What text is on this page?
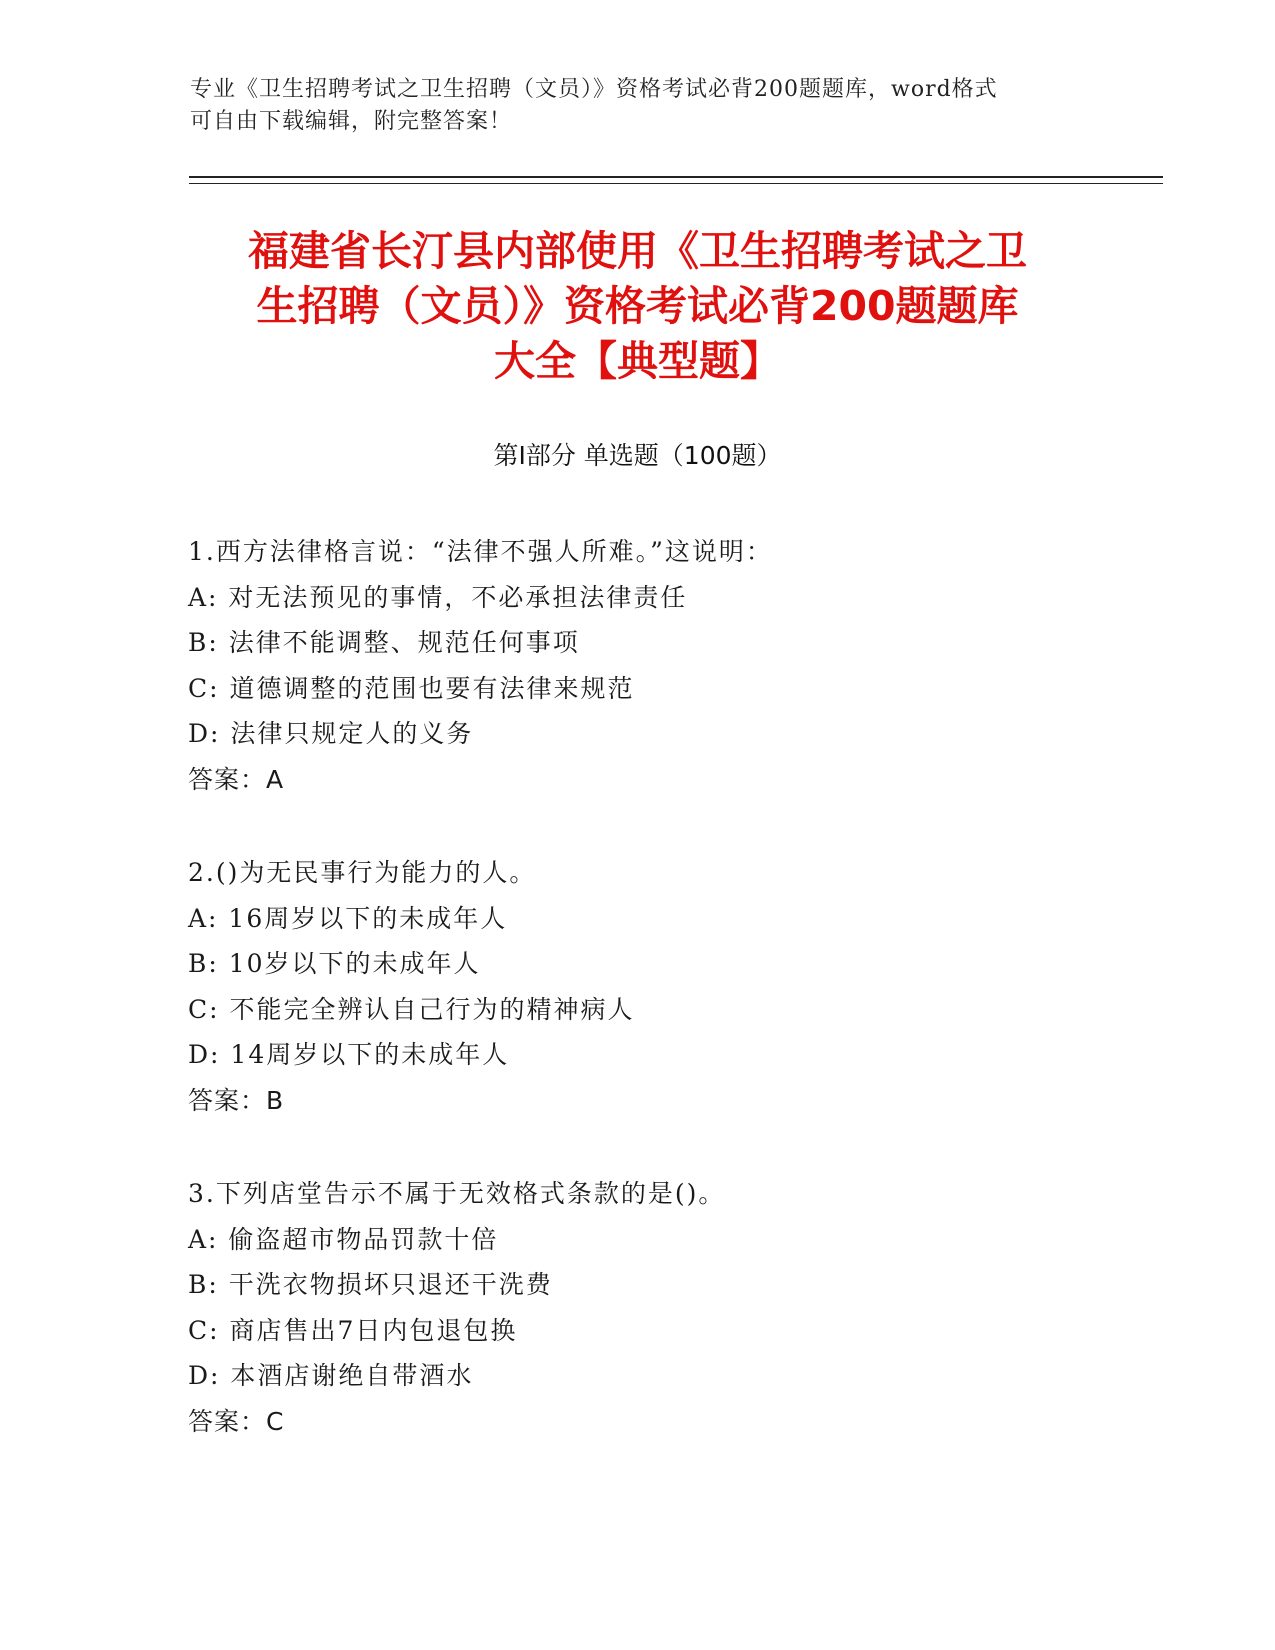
专业《卫生招聘考试之卫生招聘（文员）》资格考试必背200题题库，word格式
可自由下载编辑，附完整答案！
福建省长汀县内部使用《卫生招聘考试之卫
生招聘（文员）》资格考试必背200题题库
大全【典型题】
第Ⅰ部分 单选题（100题）
1.西方法律格言说：“法律不强人所难。”这说明：
A: 对无法预见的事情，不必承担法律责任
B: 法律不能调整、规范任何事项
C: 道德调整的范围也要有法律来规范
D: 法律只规定人的义务
答案：A
2.()为无民事行为能力的人。
A: 16周岁以下的未成年人
B: 10岁以下的未成年人
C: 不能完全辨认自己行为的精神病人
D: 14周岁以下的未成年人
答案：B
3.下列店堂告示不属于无效格式条款的是()。
A: 偷盗超市物品罚款十倍
B: 干洗衣物损坏只退还干洗费
C: 商店售出7日内包退包换
D: 本酒店谢绝自带酒水
答案：C
